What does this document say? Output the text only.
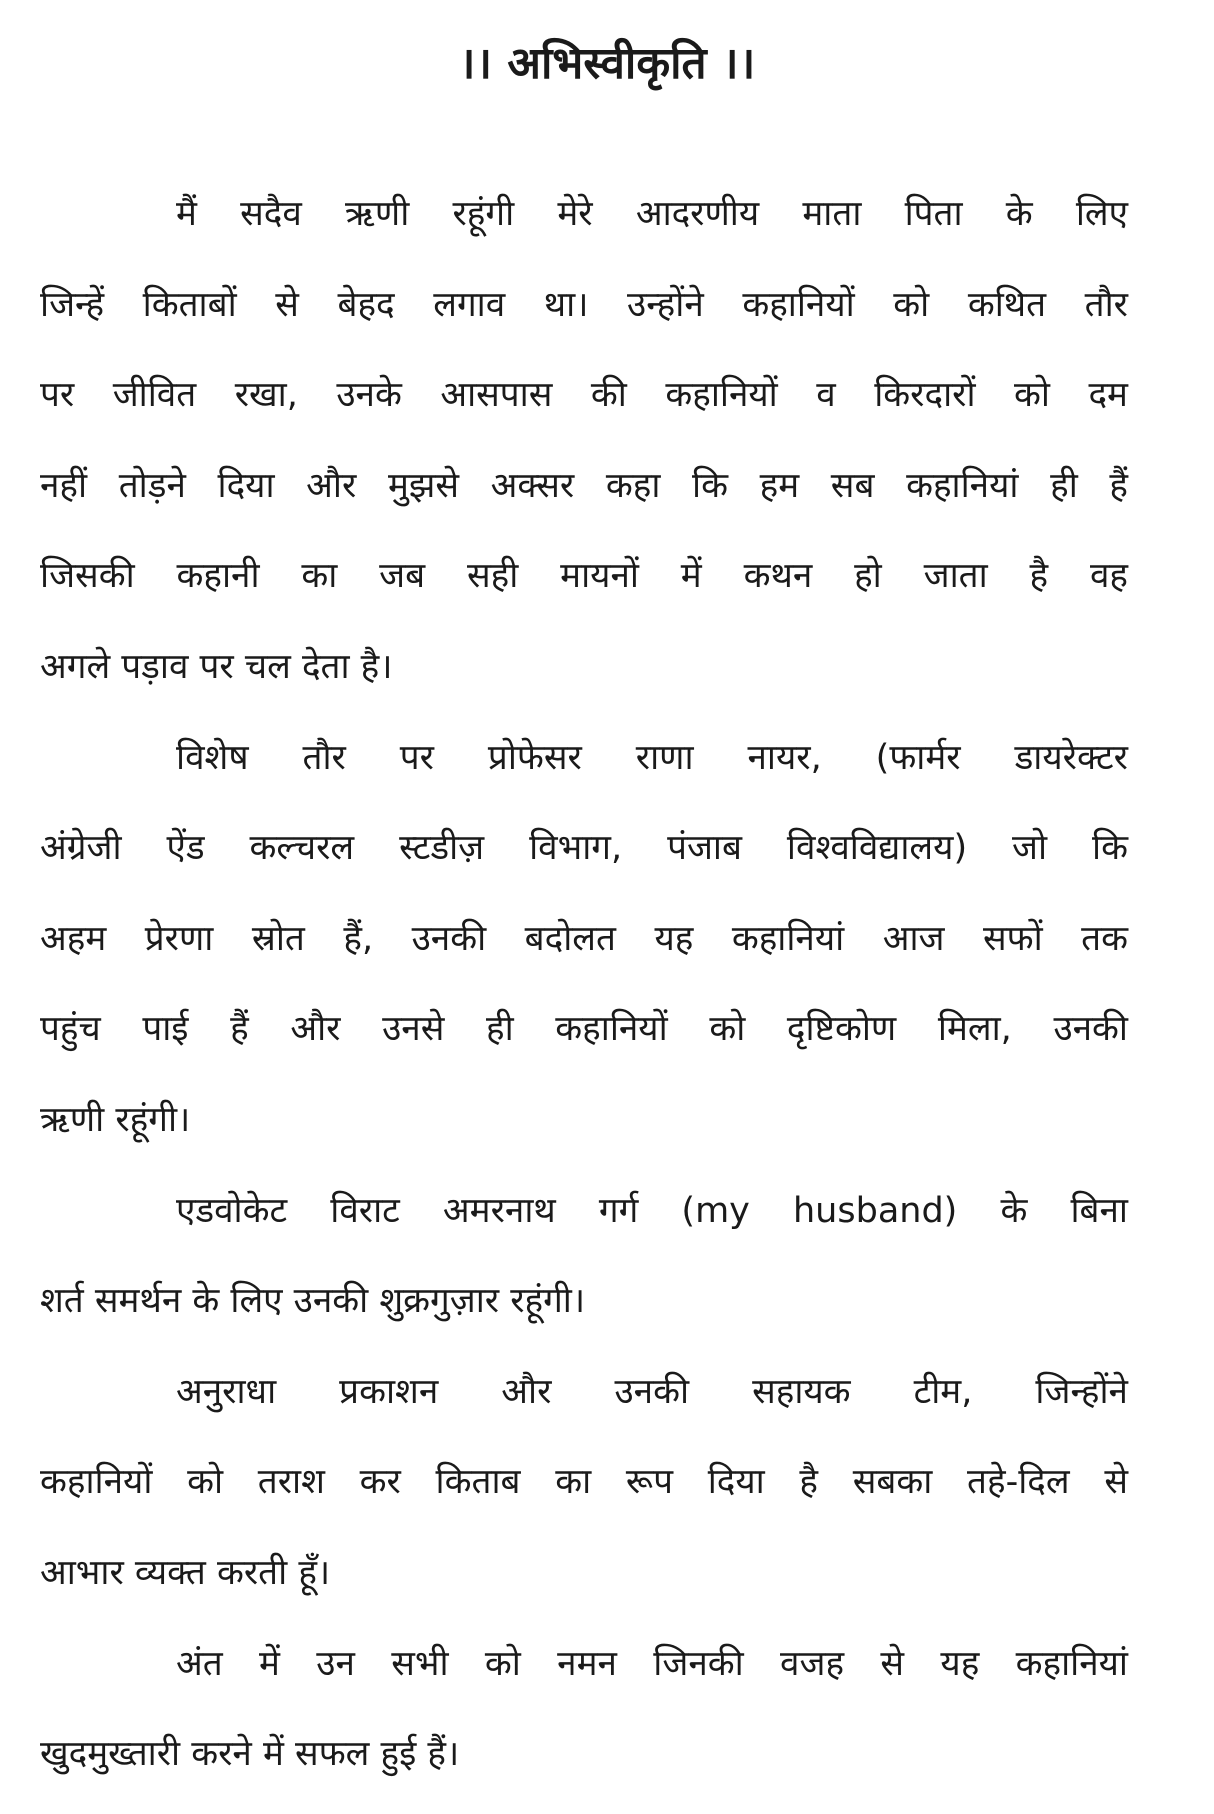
।। अभिस्वीकृति ।।
मैं सदैव ऋणी रहूंगी मेरे आदरणीय माता पिता के लिए
जिन्हें किताबों से बेहद लगाव था। उन्होंने कहानियों को कथित तौर
पर जीवित रखा, उनके आसपास की कहानियों व किरदारों को दम
नहीं तोड़ने दिया और मुझसे अक्सर कहा कि हम सब कहानियां ही हैं
जिसकी कहानी का जब सही मायनों में कथन हो जाता है वह
अगले पड़ाव पर चल देता है।
विशेष तौर पर प्रोफेसर राणा नायर, (फार्मर डायरेक्टर
अंग्रेजी ऐंड कल्चरल स्टडीज़ विभाग, पंजाब विश्वविद्यालय) जो कि
अहम प्रेरणा स्रोत हैं, उनकी बदोलत यह कहानियां आज सफों तक
पहुंच पाई हैं और उनसे ही कहानियों को दृष्टिकोण मिला, उनकी
ऋणी रहूंगी।
एडवोकेट विराट अमरनाथ गर्ग (my husband) के बिना
शर्त समर्थन के लिए उनकी शुक्रगुज़ार रहूंगी।
अनुराधा प्रकाशन और उनकी सहायक टीम, जिन्होंने
कहानियों को तराश कर किताब का रूप दिया है सबका तहे-दिल से
आभार व्यक्त करती हूँ।
अंत में उन सभी को नमन जिनकी वजह से यह कहानियां
खुदमुख्तारी करने में सफल हुई हैं।
